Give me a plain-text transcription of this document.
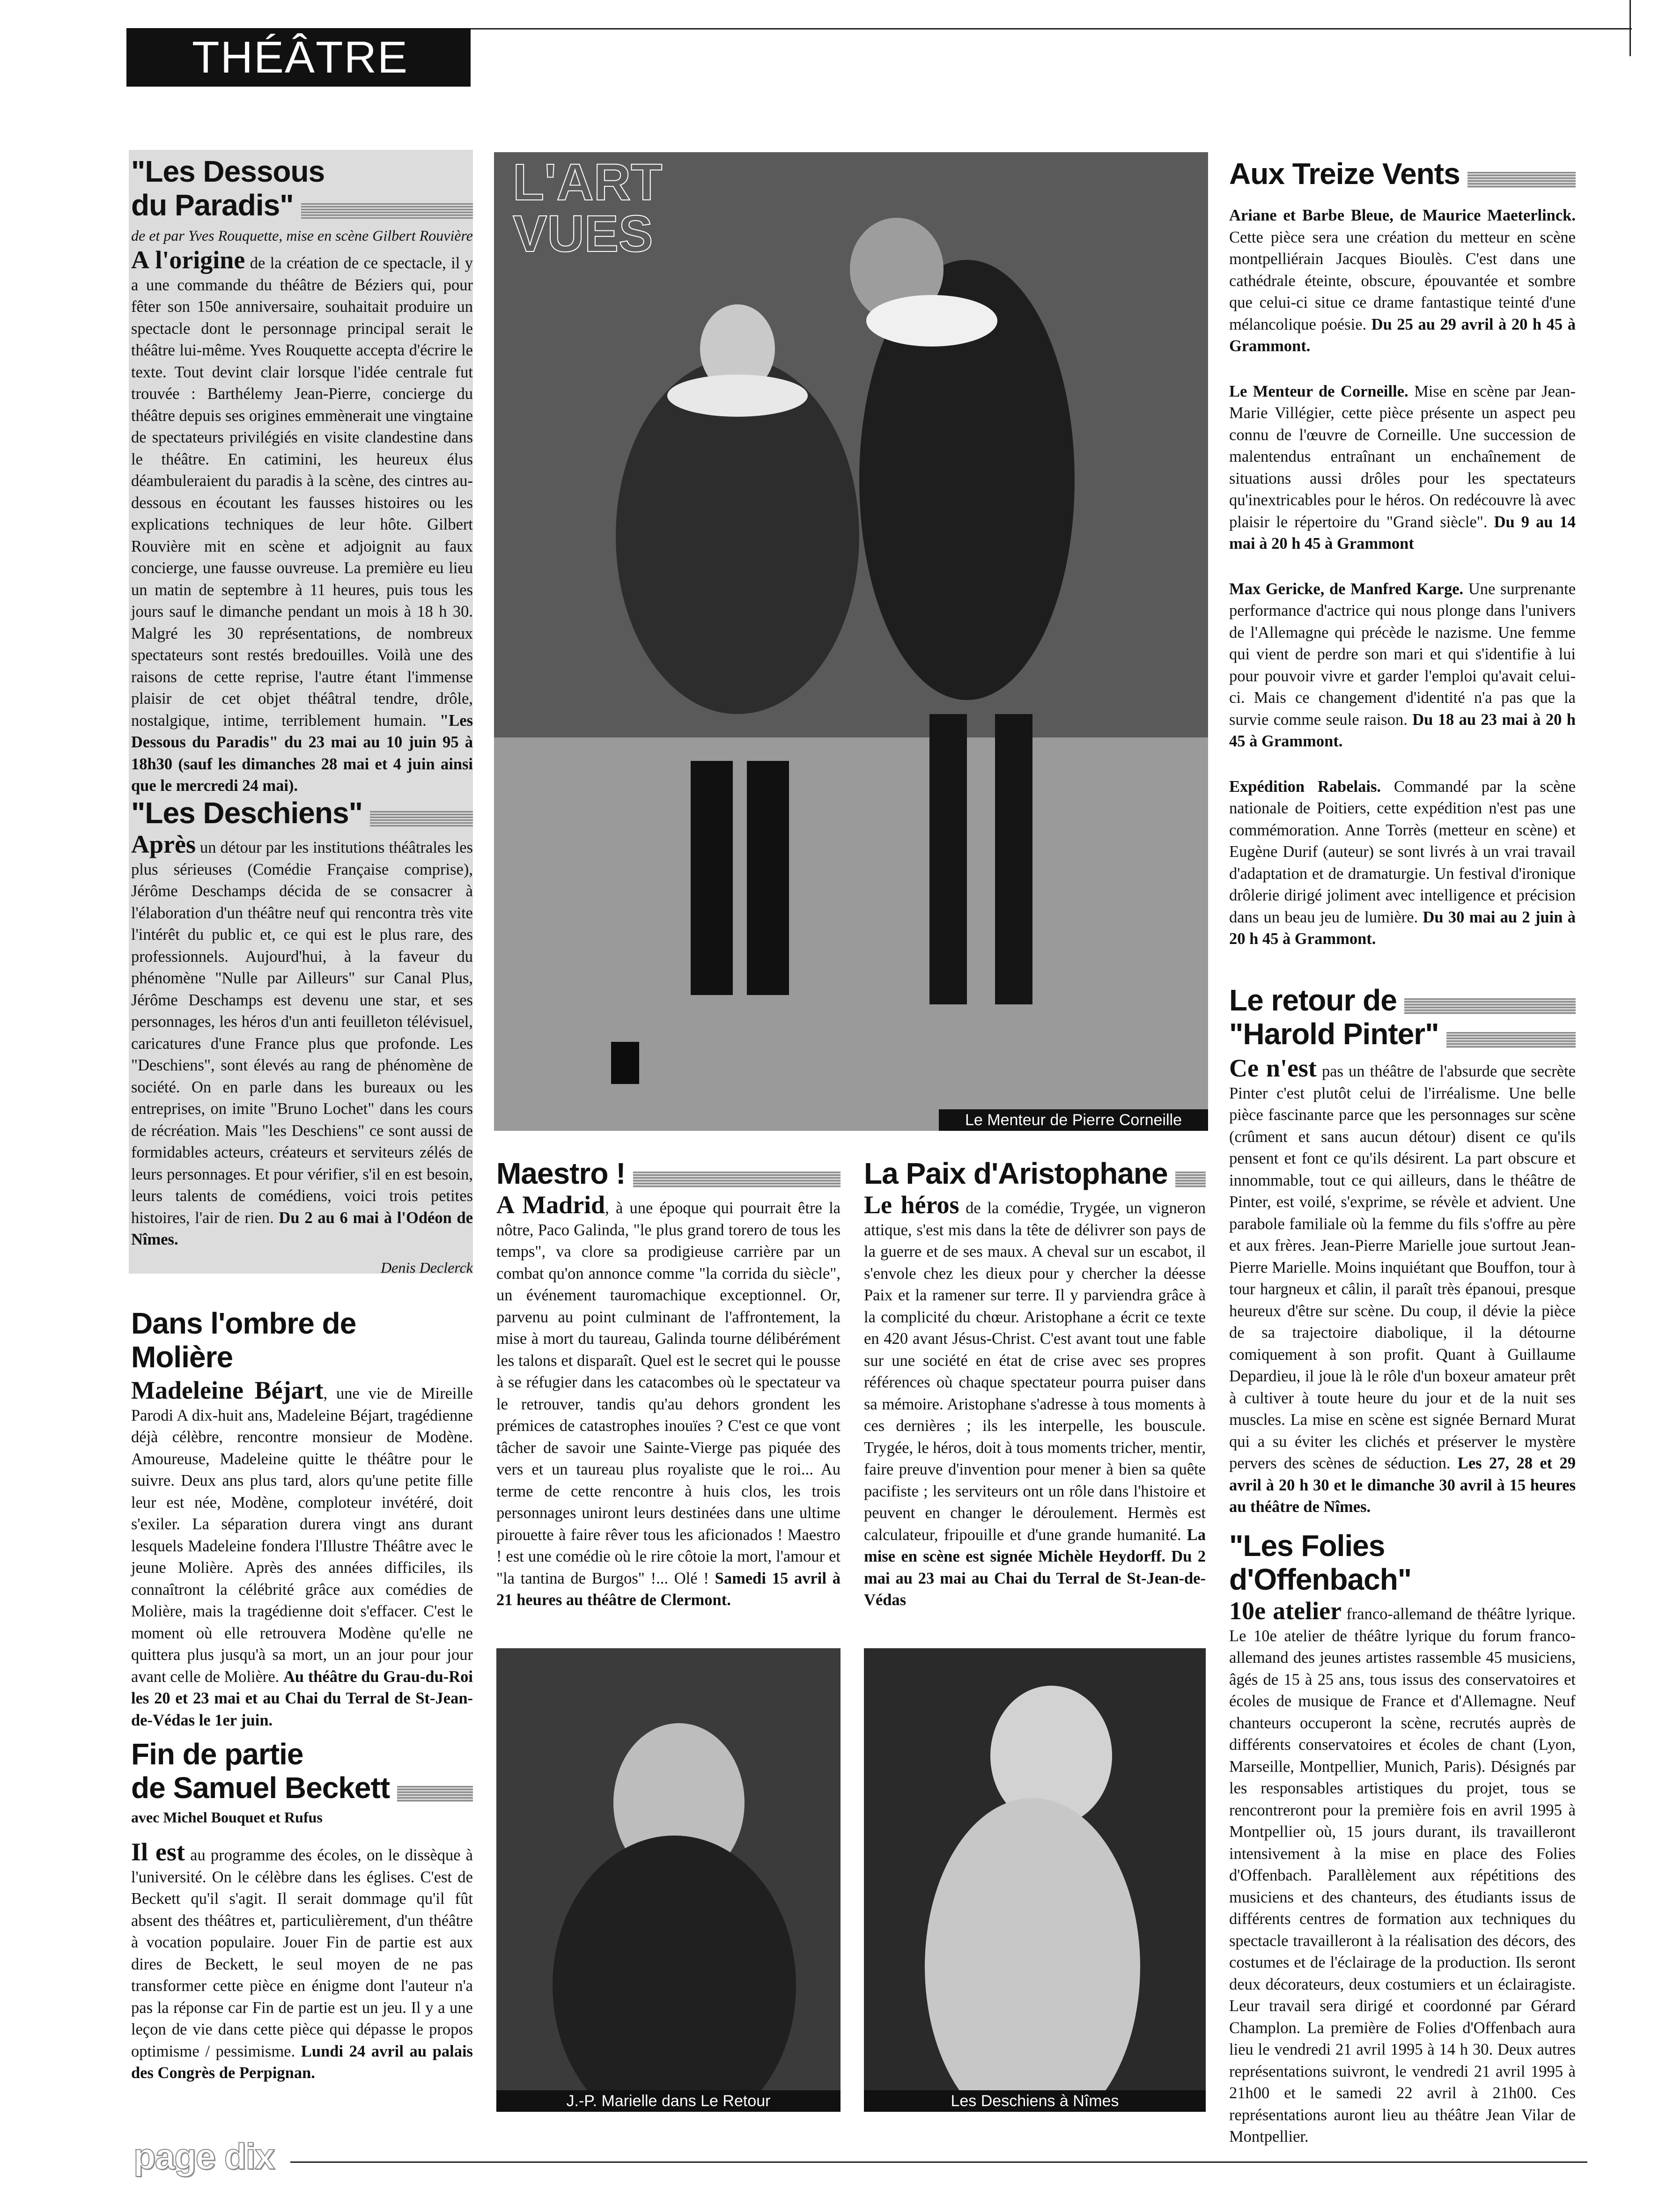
THÉÂTRE
"Les Dessous
du Paradis"
de et par Yves Rouquette, mise en scène Gilbert Rouvière
A l'origine de la création de ce spectacle, il y a une commande du théâtre de Béziers qui, pour fêter son 150e anniversaire, souhaitait produire un spectacle dont le personnage principal serait le théâtre lui-même. Yves Rouquette accepta d'écrire le texte. Tout devint clair lorsque l'idée centrale fut trouvée : Barthélemy Jean-Pierre, concierge du théâtre depuis ses origines emmènerait une vingtaine de spectateurs privilégiés en visite clandestine dans le théâtre. En catimini, les heureux élus déambuleraient du paradis à la scène, des cintres au-dessous en écoutant les fausses histoires ou les explications techniques de leur hôte. Gilbert Rouvière mit en scène et adjoignit au faux concierge, une fausse ouvreuse. La première eu lieu un matin de septembre à 11 heures, puis tous les jours sauf le dimanche pendant un mois à 18 h 30. Malgré les 30 représentations, de nombreux spectateurs sont restés bredouilles. Voilà une des raisons de cette reprise, l'autre étant l'immense plaisir de cet objet théâtral tendre, drôle, nostalgique, intime, terriblement humain. "Les Dessous du Paradis" du 23 mai au 10 juin 95 à 18h30 (sauf les dimanches 28 mai et 4 juin ainsi que le mercredi 24 mai).
"Les Deschiens"
Après un détour par les institutions théâtrales les plus sérieuses (Comédie Française comprise), Jérôme Deschamps décida de se consacrer à l'élaboration d'un théâtre neuf qui rencontra très vite l'intérêt du public et, ce qui est le plus rare, des professionnels. Aujourd'hui, à la faveur du phénomène "Nulle par Ailleurs" sur Canal Plus, Jérôme Deschamps est devenu une star, et ses personnages, les héros d'un anti feuilleton télévisuel, caricatures d'une France plus que profonde. Les "Deschiens", sont élevés au rang de phénomène de société. On en parle dans les bureaux ou les entreprises, on imite "Bruno Lochet" dans les cours de récréation. Mais "les Deschiens" ce sont aussi de formidables acteurs, créateurs et serviteurs zélés de leurs personnages. Et pour vérifier, s'il en est besoin, leurs talents de comédiens, voici trois petites histoires, l'air de rien. Du 2 au 6 mai à l'Odéon de Nîmes.
Denis Declerck
Dans l'ombre de Molière
Madeleine Béjart, une vie de Mireille Parodi A dix-huit ans, Madeleine Béjart, tragédienne déjà célèbre, rencontre monsieur de Modène. Amoureuse, Madeleine quitte le théâtre pour le suivre. Deux ans plus tard, alors qu'une petite fille leur est née, Modène, comploteur invétéré, doit s'exiler. La séparation durera vingt ans durant lesquels Madeleine fondera l'Illustre Théâtre avec le jeune Molière. Après des années difficiles, ils connaîtront la célébrité grâce aux comédies de Molière, mais la tragédienne doit s'effacer. C'est le moment où elle retrouvera Modène qu'elle ne quittera plus jusqu'à sa mort, un an jour pour jour avant celle de Molière. Au théâtre du Grau-du-Roi les 20 et 23 mai et au Chai du Terral de St-Jean-de-Védas le 1er juin.
Fin de partie
de Samuel Beckett
avec Michel Bouquet et Rufus
Il est au programme des écoles, on le dissèque à l'université. On le célèbre dans les églises. C'est de Beckett qu'il s'agit. Il serait dommage qu'il fût absent des théâtres et, particulièrement, d'un théâtre à vocation populaire. Jouer Fin de partie est aux dires de Beckett, le seul moyen de ne pas transformer cette pièce en énigme dont l'auteur n'a pas la réponse car Fin de partie est un jeu. Il y a une leçon de vie dans cette pièce qui dépasse le propos optimisme / pessimisme. Lundi 24 avril au palais des Congrès de Perpignan.
L'ART VUES
Le Menteur de Pierre Corneille
Maestro !
A Madrid, à une époque qui pourrait être la nôtre, Paco Galinda, "le plus grand torero de tous les temps", va clore sa prodigieuse carrière par un combat qu'on annonce comme "la corrida du siècle", un événement tauromachique exceptionnel. Or, parvenu au point culminant de l'affrontement, la mise à mort du taureau, Galinda tourne délibérément les talons et disparaît. Quel est le secret qui le pousse à se réfugier dans les catacombes où le spectateur va le retrouver, tandis qu'au dehors grondent les prémices de catastrophes inouïes ? C'est ce que vont tâcher de savoir une Sainte-Vierge pas piquée des vers et un taureau plus royaliste que le roi... Au terme de cette rencontre à huis clos, les trois personnages uniront leurs destinées dans une ultime pirouette à faire rêver tous les aficionados ! Maestro ! est une comédie où le rire côtoie la mort, l'amour et "la tantina de Burgos" !... Olé ! Samedi 15 avril à 21 heures au théâtre de Clermont.
La Paix d'Aristophane
Le héros de la comédie, Trygée, un vigneron attique, s'est mis dans la tête de délivrer son pays de la guerre et de ses maux. A cheval sur un escabot, il s'envole chez les dieux pour y chercher la déesse Paix et la ramener sur terre. Il y parviendra grâce à la complicité du chœur. Aristophane a écrit ce texte en 420 avant Jésus-Christ. C'est avant tout une fable sur une société en état de crise avec ses propres références où chaque spectateur pourra puiser dans sa mémoire. Aristophane s'adresse à tous moments à ces dernières ; ils les interpelle, les bouscule. Trygée, le héros, doit à tous moments tricher, mentir, faire preuve d'invention pour mener à bien sa quête pacifiste ; les serviteurs ont un rôle dans l'histoire et peuvent en changer le déroulement. Hermès est calculateur, fripouille et d'une grande humanité. La mise en scène est signée Michèle Heydorff. Du 2 mai au 23 mai au Chai du Terral de St-Jean-de-Védas
J.-P. Marielle dans Le Retour	Les Deschiens à Nîmes
Aux Treize Vents
Ariane et Barbe Bleue, de Maurice Maeterlinck. Cette pièce sera une création du metteur en scène montpelliérain Jacques Bioulès. C'est dans une cathédrale éteinte, obscure, épouvantée et sombre que celui-ci situe ce drame fantastique teinté d'une mélancolique poésie. Du 25 au 29 avril à 20 h 45 à Grammont.
Le Menteur de Corneille. Mise en scène par Jean-Marie Villégier, cette pièce présente un aspect peu connu de l'œuvre de Corneille. Une succession de malentendus entraînant un enchaînement de situations aussi drôles pour les spectateurs qu'inextricables pour le héros. On redécouvre là avec plaisir le répertoire du "Grand siècle". Du 9 au 14 mai à 20 h 45 à Grammont
Max Gericke, de Manfred Karge. Une surprenante performance d'actrice qui nous plonge dans l'univers de l'Allemagne qui précède le nazisme. Une femme qui vient de perdre son mari et qui s'identifie à lui pour pouvoir vivre et garder l'emploi qu'avait celui-ci. Mais ce changement d'identité n'a pas que la survie comme seule raison. Du 18 au 23 mai à 20 h 45 à Grammont.
Expédition Rabelais. Commandé par la scène nationale de Poitiers, cette expédition n'est pas une commémoration. Anne Torrès (metteur en scène) et Eugène Durif (auteur) se sont livrés à un vrai travail d'adaptation et de dramaturgie. Un festival d'ironique drôlerie dirigé joliment avec intelligence et précision dans un beau jeu de lumière. Du 30 mai au 2 juin à 20 h 45 à Grammont.
Le retour de
"Harold Pinter"
Ce n'est pas un théâtre de l'absurde que secrète Pinter c'est plutôt celui de l'irréalisme. Une belle pièce fascinante parce que les personnages sur scène (crûment et sans aucun détour) disent ce qu'ils pensent et font ce qu'ils désirent. La part obscure et innommable, tout ce qui ailleurs, dans le théâtre de Pinter, est voilé, s'exprime, se révèle et advient. Une parabole familiale où la femme du fils s'offre au père et aux frères. Jean-Pierre Marielle joue surtout Jean-Pierre Marielle. Moins inquiétant que Bouffon, tour à tour hargneux et câlin, il paraît très épanoui, presque heureux d'être sur scène. Du coup, il dévie la pièce de sa trajectoire diabolique, il la détourne comiquement à son profit. Quant à Guillaume Depardieu, il joue là le rôle d'un boxeur amateur prêt à cultiver à toute heure du jour et de la nuit ses muscles. La mise en scène est signée Bernard Murat qui a su éviter les clichés et préserver le mystère pervers des scènes de séduction. Les 27, 28 et 29 avril à 20 h 30 et le dimanche 30 avril à 15 heures au théâtre de Nîmes.
"Les Folies d'Offenbach"
10e atelier franco-allemand de théâtre lyrique. Le 10e atelier de théâtre lyrique du forum franco-allemand des jeunes artistes rassemble 45 musiciens, âgés de 15 à 25 ans, tous issus des conservatoires et écoles de musique de France et d'Allemagne. Neuf chanteurs occuperont la scène, recrutés auprès de différents conservatoires et écoles de chant (Lyon, Marseille, Montpellier, Munich, Paris). Désignés par les responsables artistiques du projet, tous se rencontreront pour la première fois en avril 1995 à Montpellier où, 15 jours durant, ils travailleront intensivement à la mise en place des Folies d'Offenbach. Parallèlement aux répétitions des musiciens et des chanteurs, des étudiants issus de différents centres de formation aux techniques du spectacle travailleront à la réalisation des décors, des costumes et de l'éclairage de la production. Ils seront deux décorateurs, deux costumiers et un éclairagiste. Leur travail sera dirigé et coordonné par Gérard Champlon. La première de Folies d'Offenbach aura lieu le vendredi 21 avril 1995 à 14 h 30. Deux autres représentations suivront, le vendredi 21 avril 1995 à 21h00 et le samedi 22 avril à 21h00. Ces représentations auront lieu au théâtre Jean Vilar de Montpellier.
page dix
